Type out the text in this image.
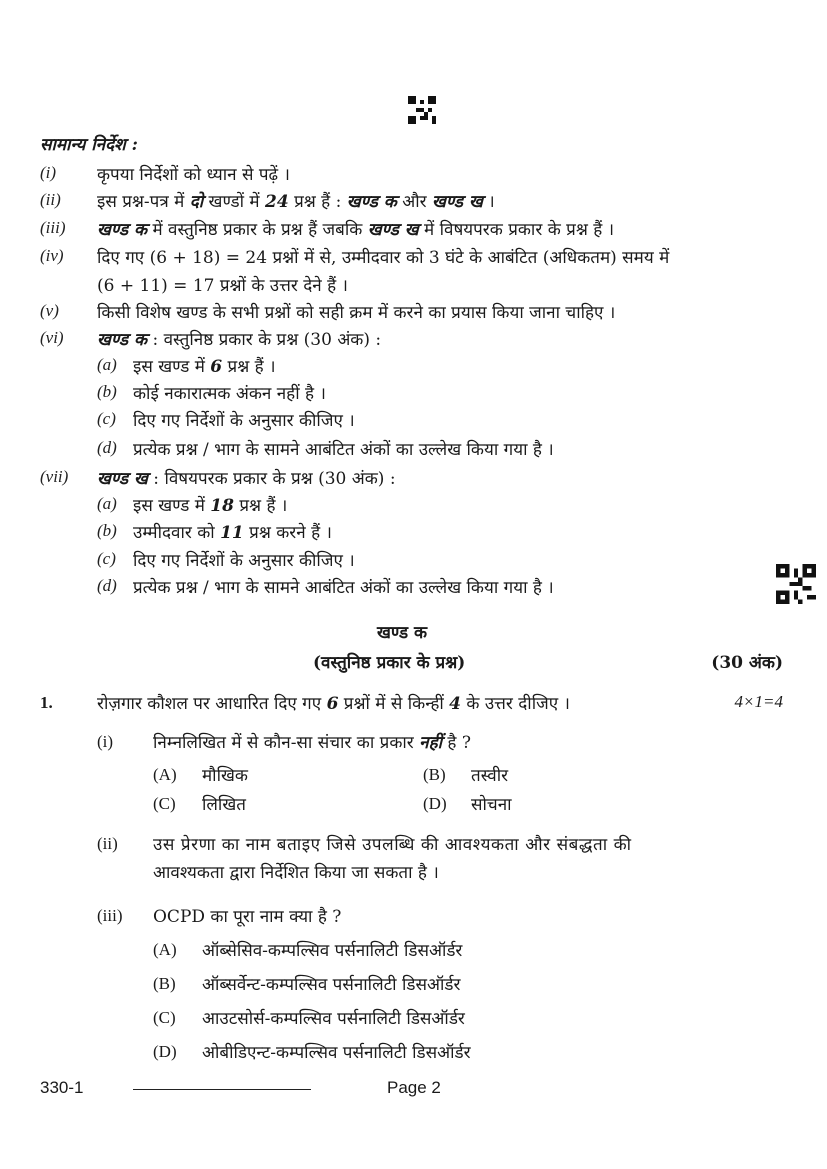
सामान्य निर्देश :
(i) कृपया निर्देशों को ध्यान से पढ़ें ।
(ii) इस प्रश्न-पत्र में दो खण्डों में 24 प्रश्न हैं : खण्ड क और खण्ड ख ।
(iii) खण्ड क में वस्तुनिष्ठ प्रकार के प्रश्न हैं जबकि खण्ड ख में विषयपरक प्रकार के प्रश्न हैं ।
(iv) दिए गए (6 + 18) = 24 प्रश्नों में से, उम्मीदवार को 3 घंटे के आबंटित (अधिकतम) समय में
(6 + 11) = 17 प्रश्नों के उत्तर देने हैं ।
(v) किसी विशेष खण्ड के सभी प्रश्नों को सही क्रम में करने का प्रयास किया जाना चाहिए ।
(vi) खण्ड क : वस्तुनिष्ठ प्रकार के प्रश्न (30 अंक) :
(a) इस खण्ड में 6 प्रश्न हैं ।
(b) कोई नकारात्मक अंकन नहीं है ।
(c) दिए गए निर्देशों के अनुसार कीजिए ।
(d) प्रत्येक प्रश्न / भाग के सामने आबंटित अंकों का उल्लेख किया गया है ।
(vii) खण्ड ख : विषयपरक प्रकार के प्रश्न (30 अंक) :
(a) इस खण्ड में 18 प्रश्न हैं ।
(b) उम्मीदवार को 11 प्रश्न करने हैं ।
(c) दिए गए निर्देशों के अनुसार कीजिए ।
(d) प्रत्येक प्रश्न / भाग के सामने आबंटित अंकों का उल्लेख किया गया है ।
खण्ड क
(वस्तुनिष्ठ प्रकार के प्रश्न)	(30 अंक)
1.	रोज़गार कौशल पर आधारित दिए गए 6 प्रश्नों में से किन्हीं 4 के उत्तर दीजिए ।	4×1=4
(i) निम्नलिखित में से कौन-सा संचार का प्रकार नहीं है ?
(A) मौखिक	(B) तस्वीर
(C) लिखित	(D) सोचना
(ii) उस प्रेरणा का नाम बताइए जिसे उपलब्धि की आवश्यकता और संबद्धता की
आवश्यकता द्वारा निर्देशित किया जा सकता है ।
(iii) OCPD का पूरा नाम क्या है ?
(A) ऑब्सेसिव-कम्पल्सिव पर्सनालिटी डिसऑर्डर
(B) ऑब्सर्वेन्ट-कम्पल्सिव पर्सनालिटी डिसऑर्डर
(C) आउटसोर्स-कम्पल्सिव पर्सनालिटी डिसऑर्डर
(D) ओबीडिएन्ट-कम्पल्सिव पर्सनालिटी डिसऑर्डर
330-1	Page 2
